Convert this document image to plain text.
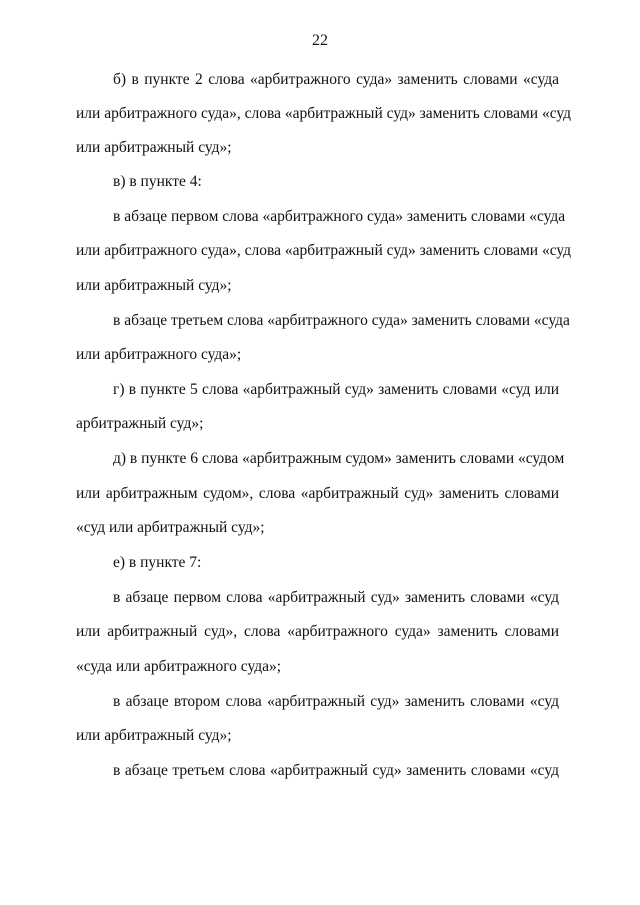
22
б) в пункте 2 слова «арбитражного суда» заменить словами «суда
или арбитражного суда», слова «арбитражный суд» заменить словами «суд
или арбитражный суд»;
в) в пункте 4:
в абзаце первом слова «арбитражного суда» заменить словами «суда
или арбитражного суда», слова «арбитражный суд» заменить словами «суд
или арбитражный суд»;
в абзаце третьем слова «арбитражного суда» заменить словами «суда
или арбитражного суда»;
г) в пункте 5 слова «арбитражный суд» заменить словами «суд или
арбитражный суд»;
д) в пункте 6 слова «арбитражным судом» заменить словами «судом
или арбитражным судом», слова «арбитражный суд» заменить словами
«суд или арбитражный суд»;
е) в пункте 7:
в абзаце первом слова «арбитражный суд» заменить словами «суд
или арбитражный суд», слова «арбитражного суда» заменить словами
«суда или арбитражного суда»;
в абзаце втором слова «арбитражный суд» заменить словами «суд
или арбитражный суд»;
в абзаце третьем слова «арбитражный суд» заменить словами «суд
